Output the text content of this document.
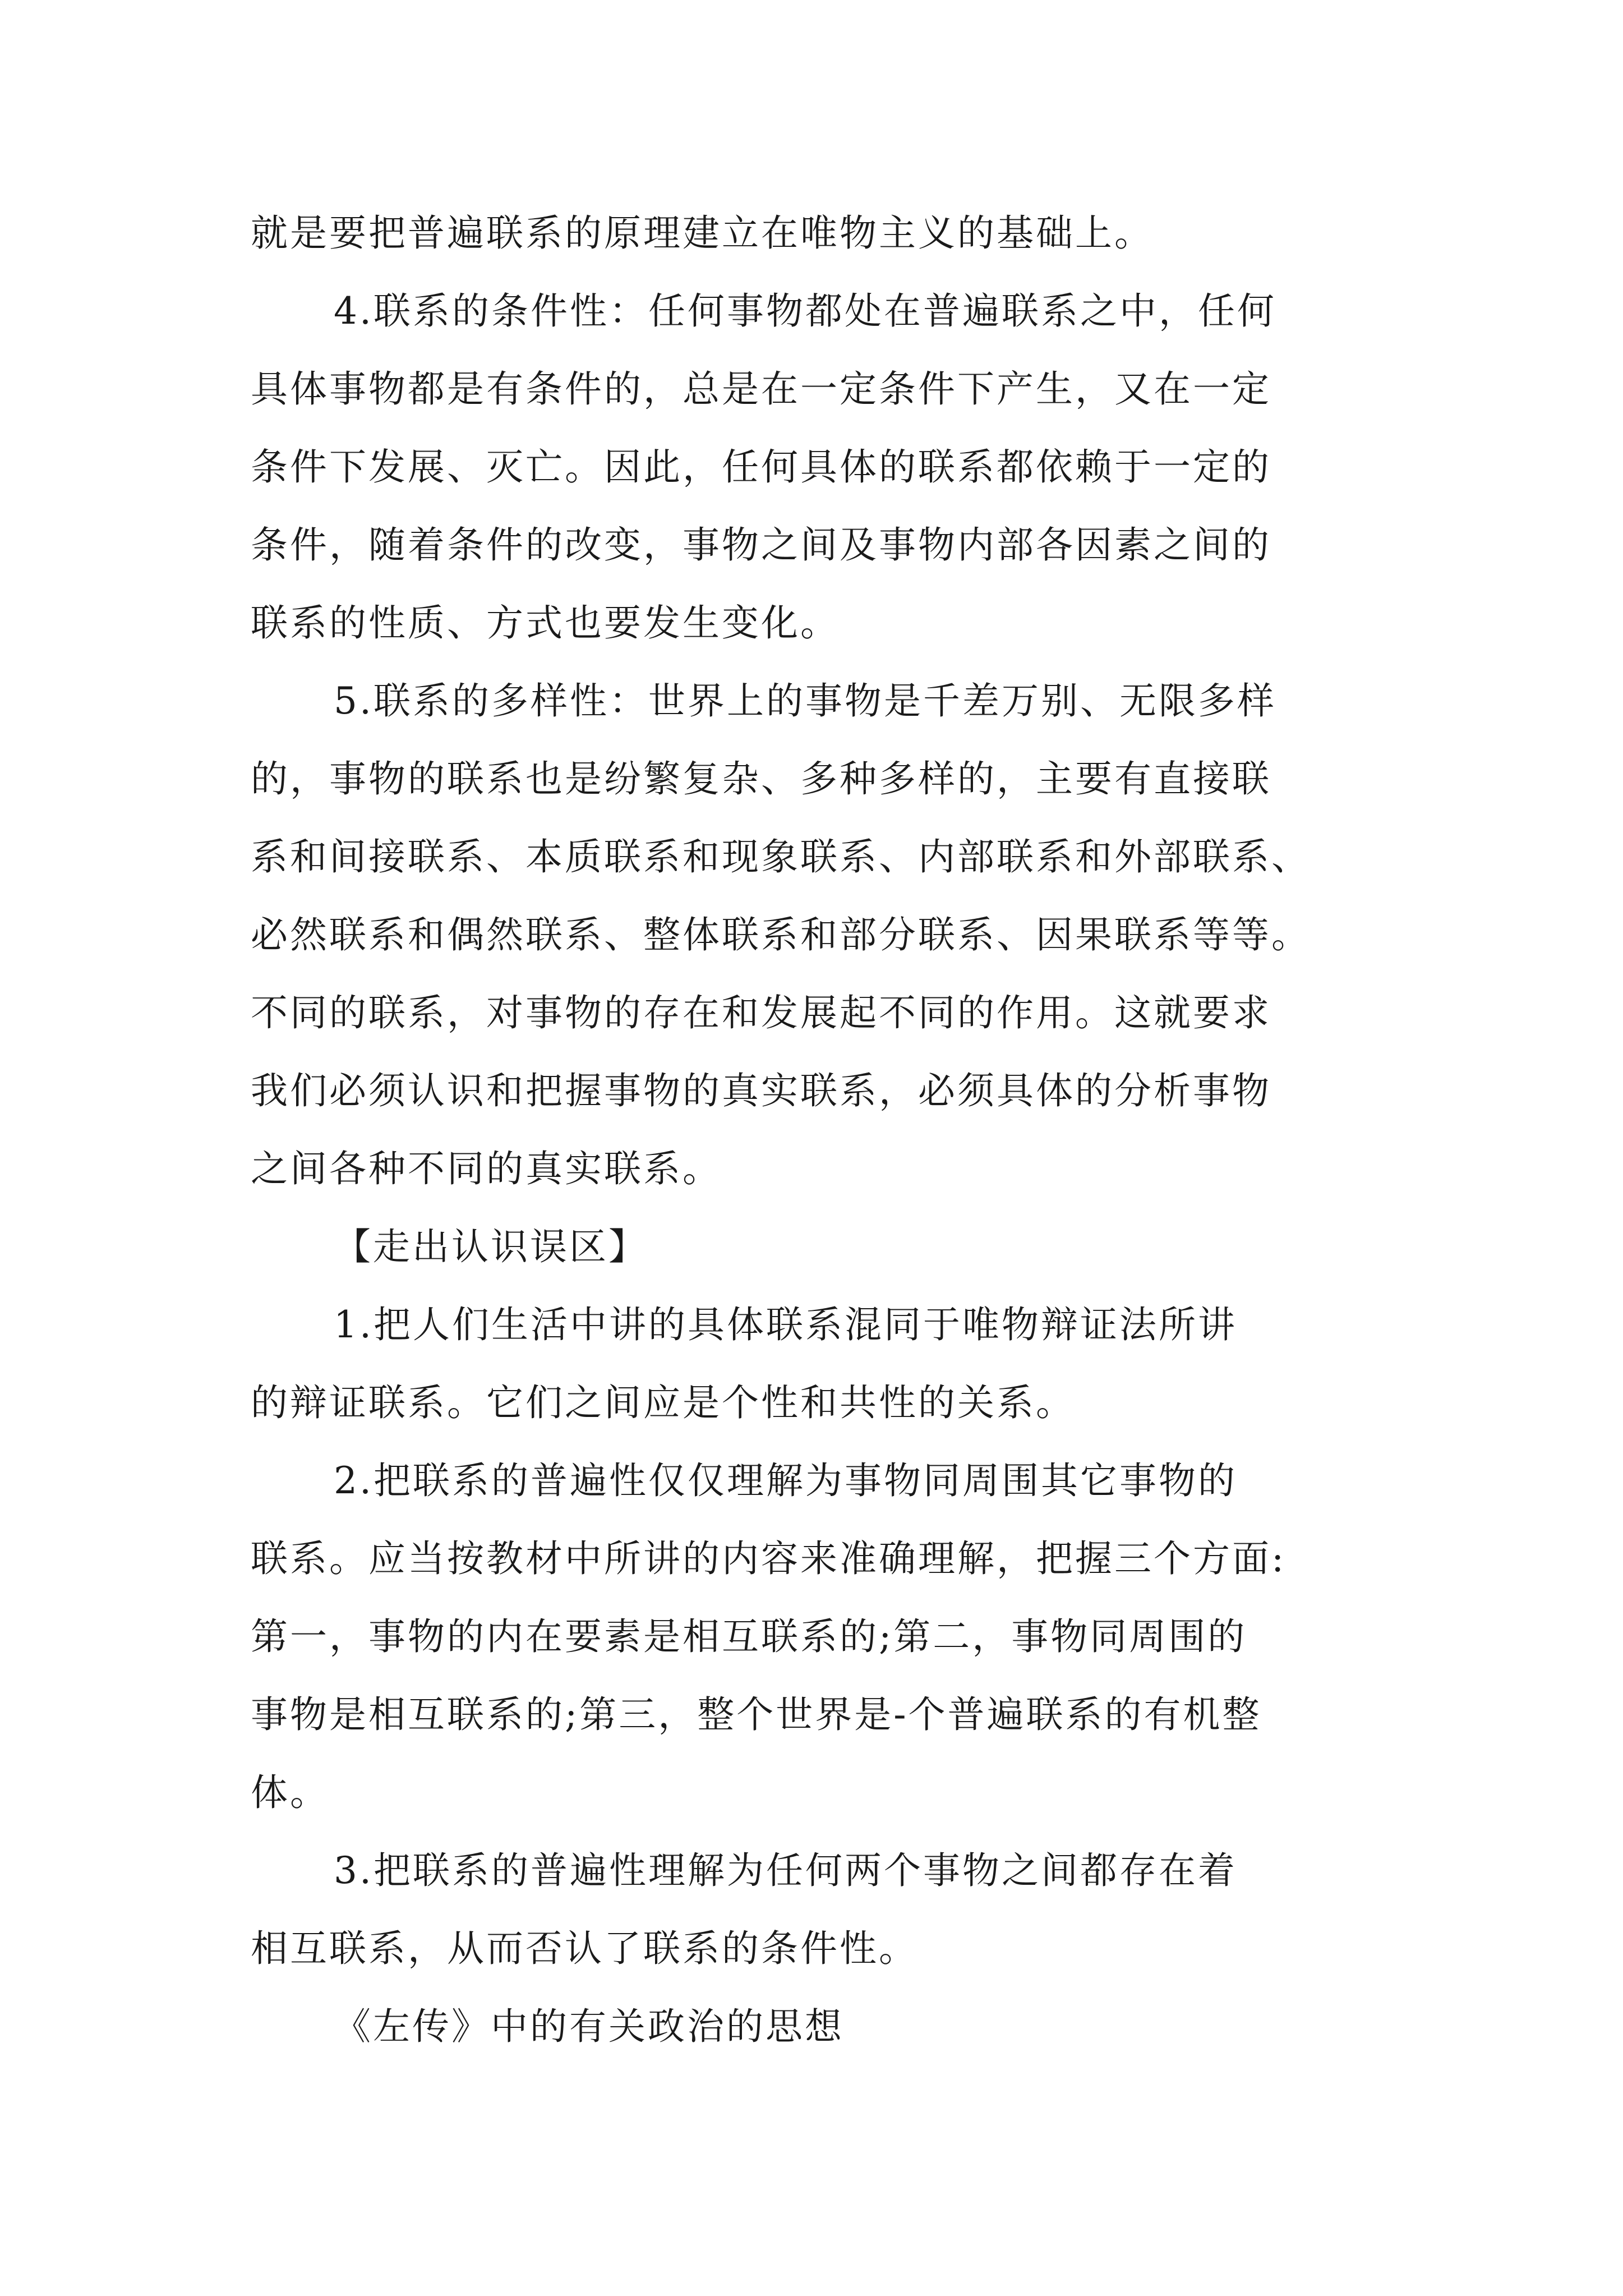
就是要把普遍联系的原理建立在唯物主义的基础上。
4.联系的条件性：任何事物都处在普遍联系之中，任何
具体事物都是有条件的，总是在一定条件下产生，又在一定
条件下发展、灭亡。因此，任何具体的联系都依赖于一定的
条件，随着条件的改变，事物之间及事物内部各因素之间的
联系的性质、方式也要发生变化。
5.联系的多样性：世界上的事物是千差万别、无限多样
的，事物的联系也是纷繁复杂、多种多样的，主要有直接联
系和间接联系、本质联系和现象联系、内部联系和外部联系、
必然联系和偶然联系、整体联系和部分联系、因果联系等等。
不同的联系，对事物的存在和发展起不同的作用。这就要求
我们必须认识和把握事物的真实联系，必须具体的分析事物
之间各种不同的真实联系。
【走出认识误区】
1.把人们生活中讲的具体联系混同于唯物辩证法所讲
的辩证联系。它们之间应是个性和共性的关系。
2.把联系的普遍性仅仅理解为事物同周围其它事物的
联系。应当按教材中所讲的内容来准确理解，把握三个方面:
第一，事物的内在要素是相互联系的;第二，事物同周围的
事物是相互联系的;第三，整个世界是-个普遍联系的有机整
体。
3.把联系的普遍性理解为任何两个事物之间都存在着
相互联系，从而否认了联系的条件性。
《左传》中的有关政治的思想
